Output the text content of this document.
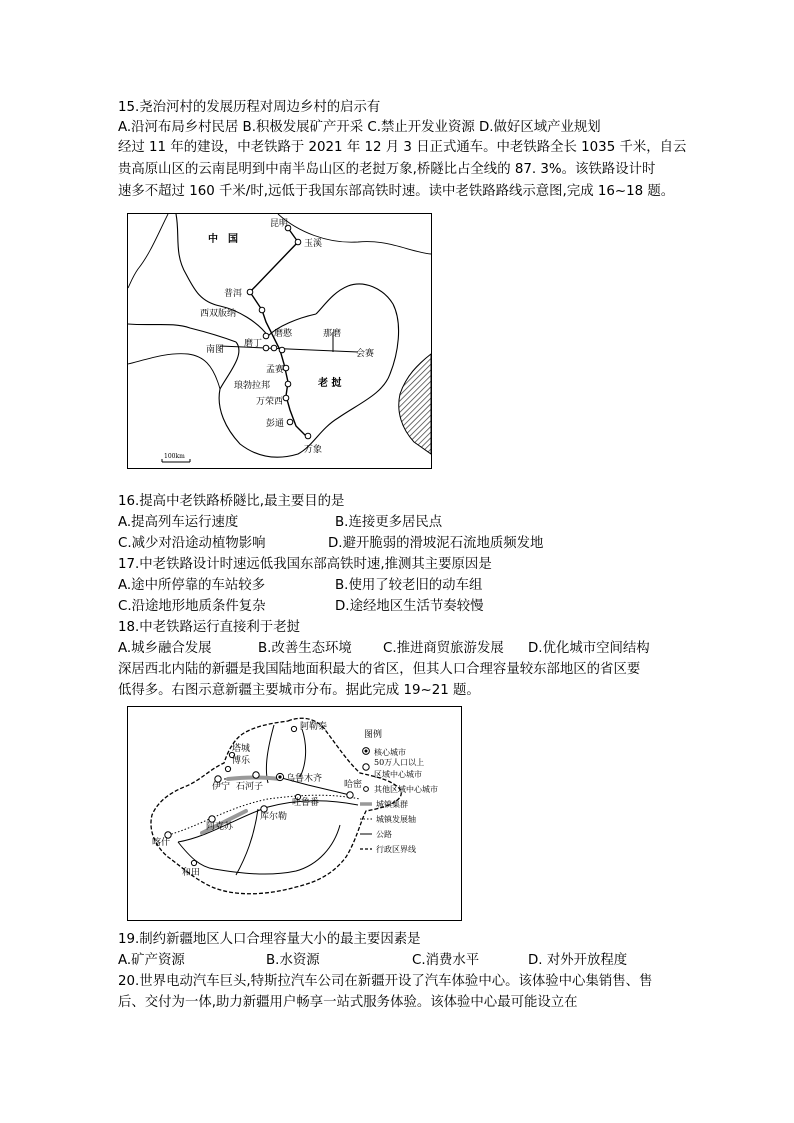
15.尧治河村的发展历程对周边乡村的启示有
A.沿河布局乡村民居 B.积极发展矿产开采 C.禁止开发业资源 D.做好区域产业规划
经过 11 年的建设，中老铁路于 2021 年 12 月 3 日正式通车。中老铁路全长 1035 千米，自云
贵高原山区的云南昆明到中南半岛山区的老挝万象,桥隧比占全线的 87. 3%。该铁路设计时
速多不超过 160 千米/时,远低于我国东部高铁时速。读中老铁路路线示意图,完成 16~18 题。
中　国
老 挝
昆明
玉溪
普洱
西双版纳
磨憨
磨丁
南图
那磨
会赛
孟赛
琅勃拉邦
万荣西
彭通
万象
100km
16.提高中老铁路桥隧比,最主要目的是
A.提高列车运行速度	B.连接更多居民点
C.减少对沿途动植物影响	D.避开脆弱的滑坡泥石流地质频发地
17.中老铁路设计时速远低我国东部高铁时速,推测其主要原因是
A.途中所停靠的车站较多	B.使用了较老旧的动车组
C.沿途地形地质条件复杂	D.途经地区生活节奏较慢
18.中老铁路运行直接利于老挝
A.城乡融合发展	B.改善生态环境 C.推进商贸旅游发展 D.优化城市空间结构
深居西北内陆的新疆是我国陆地面积最大的省区，但其人口合理容量较东部地区的省区要
低得多。右图示意新疆主要城市分布。据此完成 19~21 题。
阿勒泰
塔城
博乐
伊宁 石河子
乌鲁木齐
哈密
吐鲁番
阿克苏
库尔勒
喀什
和田
图例
核心城市
50万人口以上
区域中心城市
其他区域中心城市
城镇集群
城镇发展轴
公路
行政区界线
19.制约新疆地区人口合理容量大小的最主要因素是
A.矿产资源	B.水资源	C.消费水平	D. 对外开放程度
20.世界电动汽车巨头,特斯拉汽车公司在新疆开设了汽车体验中心。该体验中心集销售、售
后、交付为一体,助力新疆用户畅享一站式服务体验。该体验中心最可能设立在
